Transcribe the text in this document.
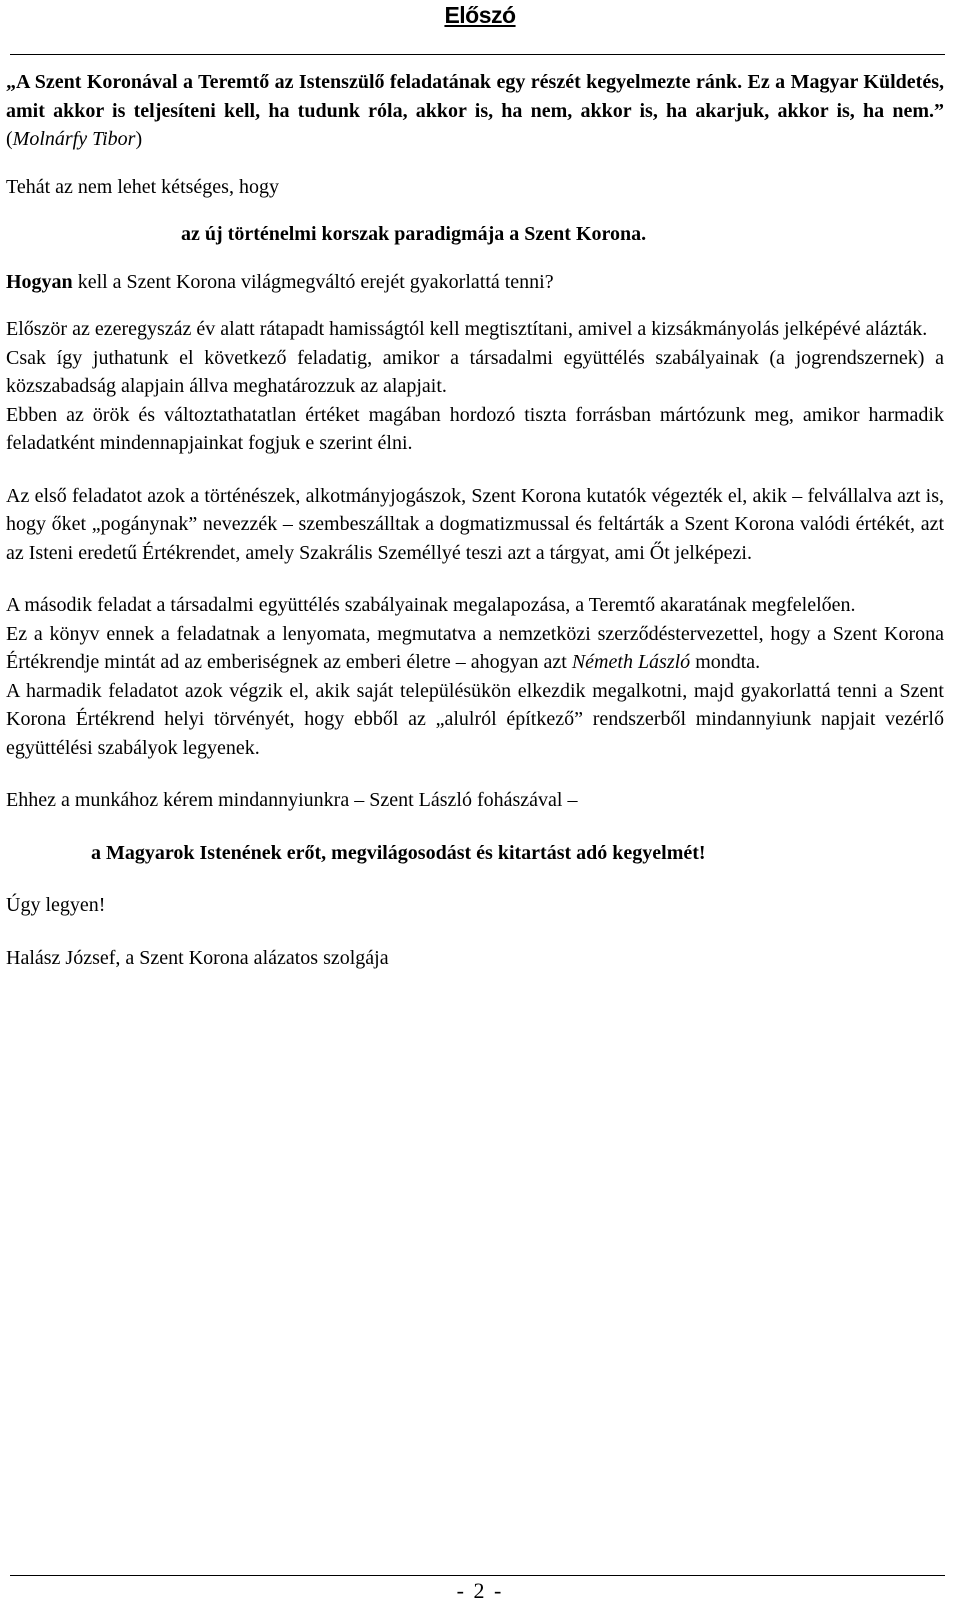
Előszó

„A Szent Koronával a Teremtő az Istenszülő feladatának egy részét kegyelmezte ránk. Ez a Magyar Küldetés, amit akkor is teljesíteni kell, ha tudunk róla, akkor is, ha nem, akkor is, ha akarjuk, akkor is, ha nem.” (Molnárfy Tibor)

Tehát az nem lehet kétséges, hogy

az új történelmi korszak paradigmája a Szent Korona.

Hogyan kell a Szent Korona világmegváltó erejét gyakorlattá tenni?

Először az ezeregyszáz év alatt rátapadt hamisságtól kell megtisztítani, amivel a kizsákmányolás jelképévé alázták.

Csak így juthatunk el következő feladatig, amikor a társadalmi együttélés szabályainak (a jogrendszernek) a közszabadság alapjain állva meghatározzuk az alapjait.

Ebben az örök és változtathatatlan értéket magában hordozó tiszta forrásban mártózunk meg, amikor harmadik feladatként mindennapjainkat fogjuk e szerint élni.

Az első feladatot azok a történészek, alkotmányjogászok, Szent Korona kutatók végezték el, akik – felvállalva azt is, hogy őket „pogánynak” nevezzék – szembeszálltak a dogmatizmussal és feltárták a Szent Korona valódi értékét, azt az Isteni eredetű Értékrendet, amely Szakrális Személlyé teszi azt a tárgyat, ami Őt jelképezi.

A második feladat a társadalmi együttélés szabályainak megalapozása, a Teremtő akaratának megfelelően.

Ez a könyv ennek a feladatnak a lenyomata, megmutatva a nemzetközi szerződéstervezettel, hogy a Szent Korona Értékrendje mintát ad az emberiségnek az emberi életre – ahogyan azt Németh László mondta.

A harmadik feladatot azok végzik el, akik saját településükön elkezdik megalkotni, majd gyakorlattá tenni a Szent Korona Értékrend helyi törvényét, hogy ebből az „alulról építkező” rendszerből mindannyiunk napjait vezérlő együttélési szabályok legyenek.

Ehhez a munkához kérem mindannyiunkra – Szent László fohászával –

a Magyarok Istenének erőt, megvilágosodást és kitartást adó kegyelmét!

Úgy legyen!

Halász József, a Szent Korona alázatos szolgája

- 2 -
